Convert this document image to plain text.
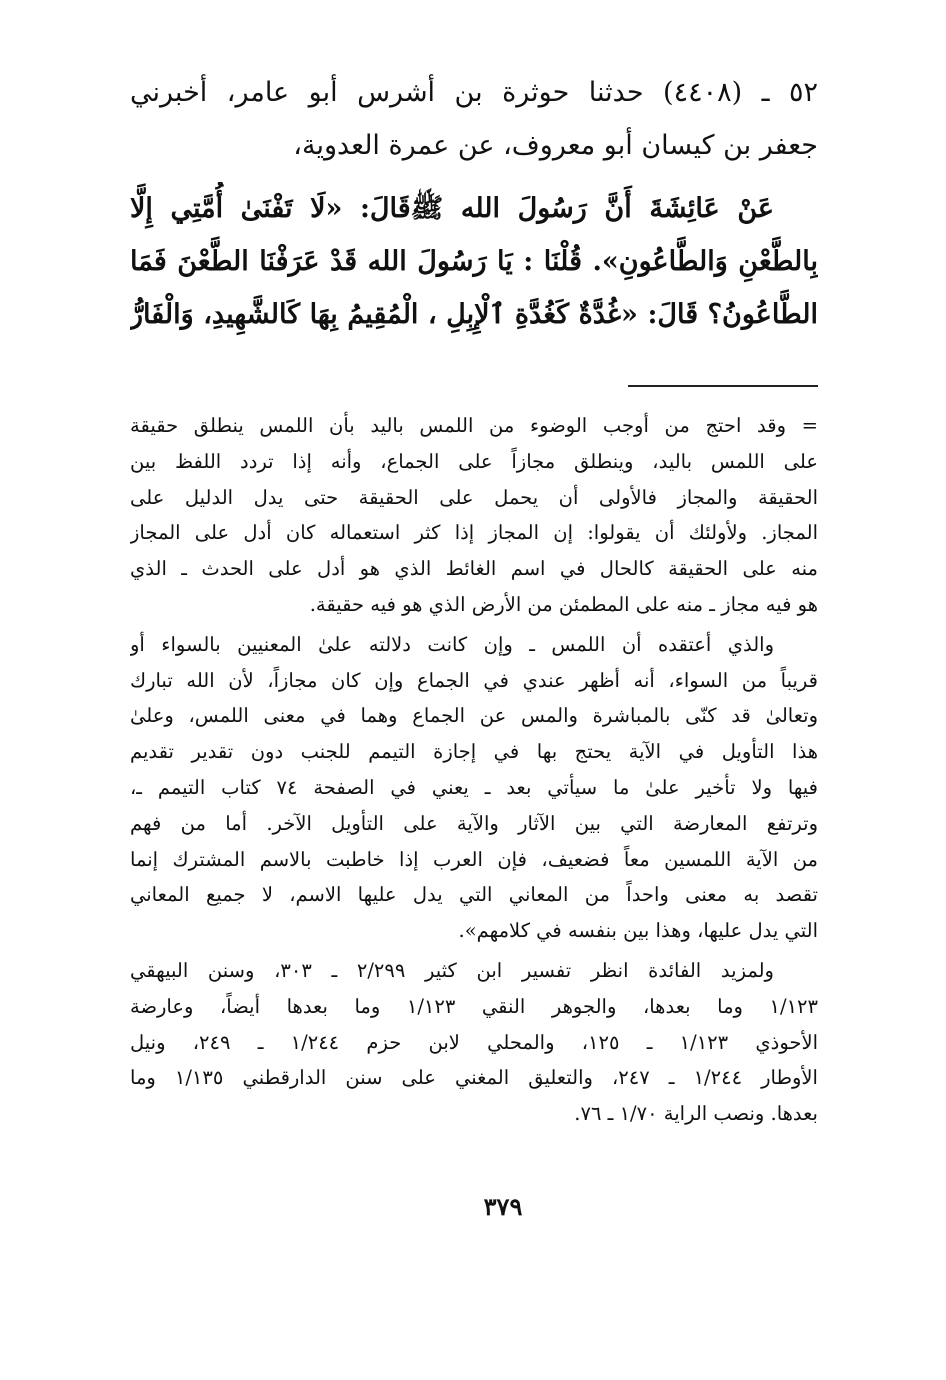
٥٢ ـ (٤٤٠٨) حدثنا حوثرة بن أشرس أبو عامر، أخبرني
جعفر بن كيسان أبو معروف، عن عمرة العدوية،
عَنْ عَائِشَةَ أَنَّ رَسُولَ الله ﷺقَالَ: «لَا تَفْنَىٰ أُمَّتِي إِلَّا
بِالطَّعْنِ وَالطَّاعُونِ». قُلْنَا : يَا رَسُولَ الله قَدْ عَرَفْنَا الطَّعْنَ فَمَا
الطَّاعُونُ؟ قَالَ: «غُدَّةٌ كَغُدَّةِ ٱلْإِبِلِ ، الْمُقِيمُ بِهَا كَالشَّهِيدِ، وَالْفَارُّ
= وقد احتج من أوجب الوضوء من اللمس باليد بأن اللمس ينطلق حقيقة
على اللمس باليد، وينطلق مجازاً على الجماع، وأنه إذا تردد اللفظ بين
الحقيقة والمجاز فالأولى أن يحمل على الحقيقة حتى يدل الدليل على
المجاز. ولأولئك أن يقولوا: إن المجاز إذا كثر استعماله كان أدل على المجاز
منه على الحقيقة كالحال في اسم الغائط الذي هو أدل على الحدث ـ الذي
هو فيه مجاز ـ منه على المطمئن من الأرض الذي هو فيه حقيقة.
والذي أعتقده أن اللمس ـ وإن كانت دلالته علىٰ المعنيين بالسواء أو
قريباً من السواء، أنه أظهر عندي في الجماع وإن كان مجازاً، لأن الله تبارك
وتعالىٰ قد كنّى بالمباشرة والمس عن الجماع وهما في معنى اللمس، وعلىٰ
هذا التأويل في الآية يحتج بها في إجازة التيمم للجنب دون تقدير تقديم
فيها ولا تأخير علىٰ ما سيأتي بعد ـ يعني في الصفحة ٧٤ كتاب التيمم ـ،
وترتفع المعارضة التي بين الآثار والآية على التأويل الآخر. أما من فهم
من الآية اللمسين معاً فضعيف، فإن العرب إذا خاطبت بالاسم المشترك إنما
تقصد به معنى واحداً من المعاني التي يدل عليها الاسم، لا جميع المعاني
التي يدل عليها، وهذا بين بنفسه في كلامهم».
ولمزيد الفائدة انظر تفسير ابن كثير ٢/٢٩٩ ـ ٣٠٣، وسنن البيهقي
١/١٢٣ وما بعدها، والجوهر النقي ١/١٢٣ وما بعدها أيضاً، وعارضة
الأحوذي ١/١٢٣ ـ ١٢٥، والمحلي لابن حزم ١/٢٤٤ ـ ٢٤٩، ونيل
الأوطار ١/٢٤٤ ـ ٢٤٧، والتعليق المغني على سنن الدارقطني ١/١٣٥ وما
بعدها. ونصب الراية ١/٧٠ ـ ٧٦.
٣٧٩
